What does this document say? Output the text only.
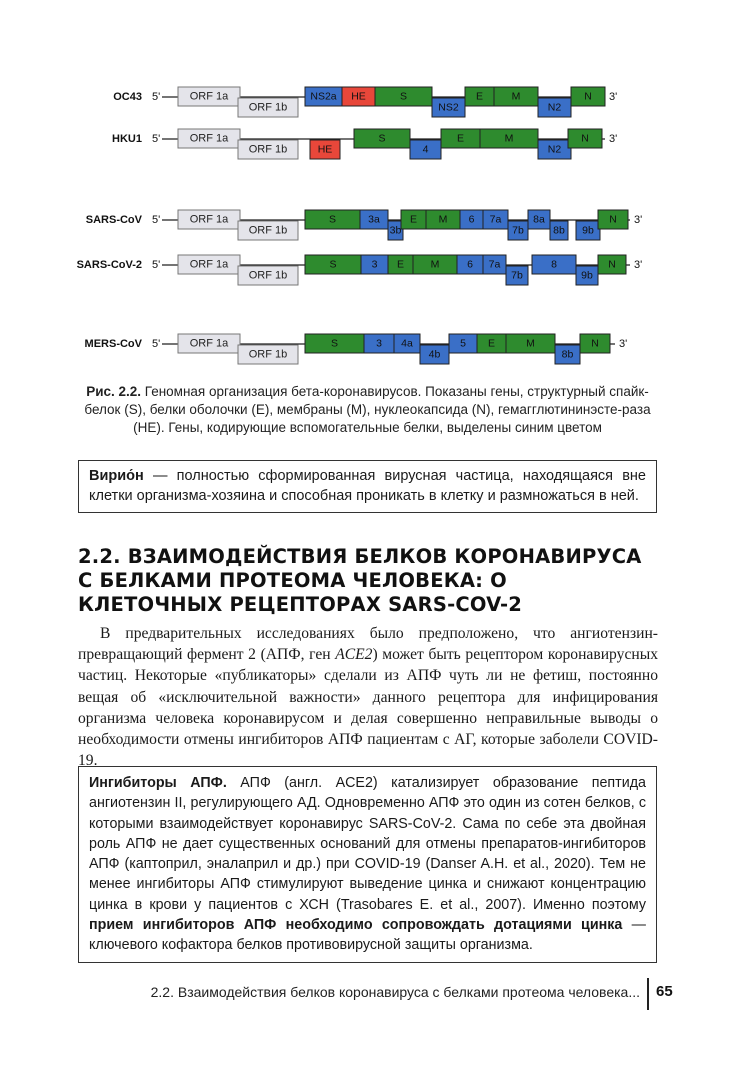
OC43 5'	ORF 1a
ORF 1b
NS2a HE	S
NS2
E	M
N2
N 3'
HKU1 5'	ORF 1a
ORF 1b	HE
S
4
E	M
N2
N 3'
SARS-CoV 5'	ORF 1a
ORF 1b
S	3a
3b
E M 6 7a
7b
8a
8b 9b
N 3'
SARS-CoV-2 5'	ORF 1a
ORF 1b
S	3 E	M	6 7a
7b
8
9b
N 3'
MERS-CoV 5'	ORF 1a
ORF 1b
S	3 4a
4b
5 E	M
8b
N 3'
Рис. 2.2. Геномная организация бета-коронавирусов. Показаны гены, структурный спайк-белок (S), белки оболочки (E), мембраны (M), нуклеокапсида (N), гемагглютининэсте-раза (HE). Гены, кодирующие вспомогательные белки, выделены синим цветом
Вирио́н — полностью сформированная вирусная частица, находящаяся вне клетки организма-хозяина и способная проникать в клетку и размножаться в ней.
2.2. ВЗАИМОДЕЙСТВИЯ БЕЛКОВ КОРОНАВИРУСА С БЕЛКАМИ ПРОТЕОМА ЧЕЛОВЕКА: О КЛЕТОЧНЫХ РЕЦЕПТОРАХ SARS-COV-2
В предварительных исследованиях было предположено, что ангиотензин-превращающий фермент 2 (АПФ, ген ACE2) может быть рецептором коронавирусных частиц. Некоторые «публикаторы» сделали из АПФ чуть ли не фетиш, постоянно вещая об «исключительной важности» данного рецептора для инфицирования организма человека коронавирусом и делая совершенно неправильные выводы о необходимости отмены ингибиторов АПФ пациентам с АГ, которые заболели COVID-19.
Ингибиторы АПФ. АПФ (англ. ACE2) катализирует образование пептида ангиотензин II, регулирующего АД. Одновременно АПФ это один из сотен белков, с которыми взаимодействует коронавирус SARS-CoV-2. Сама по себе эта двойная роль АПФ не дает существенных оснований для отмены препаратов-ингибиторов АПФ (каптоприл, эналаприл и др.) при COVID-19 (Danser A.H. et al., 2020). Тем не менее ингибиторы АПФ стимулируют выведение цинка и снижают концентрацию цинка в крови у пациентов с ХСН (Trasobares E. et al., 2007). Именно поэтому прием ингибиторов АПФ необходимо сопровождать дотациями цинка — ключевого кофактора белков противовирусной защиты организма.
2.2. Взаимодействия белков коронавируса с белками протеома человека... 65
